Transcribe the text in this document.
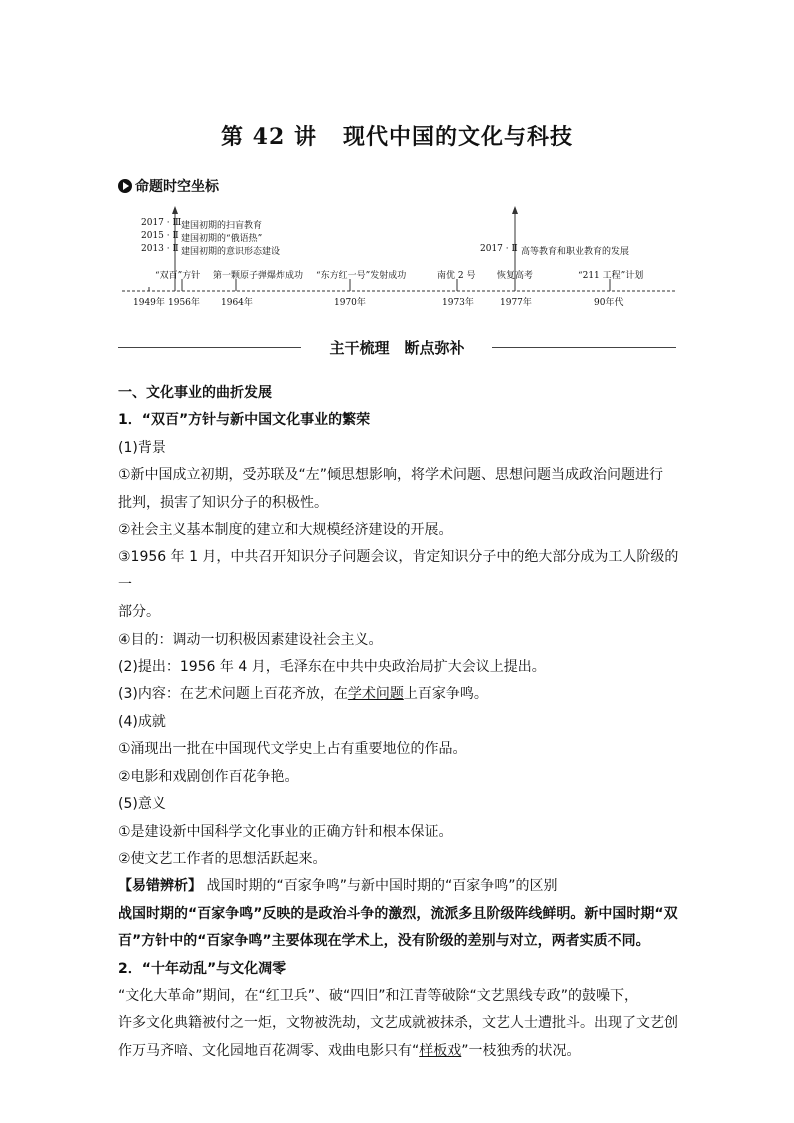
第 42 讲 现代中国的文化与科技
命题时空坐标
2017 · Ⅲ
2015 · Ⅱ
2013 · Ⅱ
建国初期的扫盲教育
建国初期的“俄语热”
建国初期的意识形态建设	2017 · Ⅱ 高等教育和职业教育的发展
“双百”方针 第一颗原子弹爆炸成功 “东方红一号”发射成功	南优 2 号 恢复高考	“211 工程”计划
1949年 1956年 1964年	1970年	1973年	1977年	90年代
主干梳理　断点弥补

一、文化事业的曲折发展

1．“双百”方针与新中国文化事业的繁荣

(1)背景

①新中国成立初期，受苏联及“左”倾思想影响，将学术问题、思想问题当成政治问题进行

批判，损害了知识分子的积极性。

②社会主义基本制度的建立和大规模经济建设的开展。

③1956 年 1 月，中共召开知识分子问题会议，肯定知识分子中的绝大部分成为工人阶级的一

部分。

④目的：调动一切积极因素建设社会主义。

(2)提出：1956 年 4 月，毛泽东在中共中央政治局扩大会议上提出。

(3)内容：在艺术问题上百花齐放，在学术问题上百家争鸣。

(4)成就

①涌现出一批在中国现代文学史上占有重要地位的作品。

②电影和戏剧创作百花争艳。

(5)意义

①是建设新中国科学文化事业的正确方针和根本保证。

②使文艺工作者的思想活跃起来。

【易错辨析】 战国时期的“百家争鸣”与新中国时期的“百家争鸣”的区别

战国时期的“百家争鸣”反映的是政治斗争的激烈，流派多且阶级阵线鲜明。新中国时期“双

百”方针中的“百家争鸣”主要体现在学术上，没有阶级的差别与对立，两者实质不同。

2．“十年动乱”与文化凋零

“文化大革命”期间，在“红卫兵”、破“四旧”和江青等破除“文艺黑线专政”的鼓噪下，

许多文化典籍被付之一炬，文物被洗劫，文艺成就被抹杀，文艺人士遭批斗。出现了文艺创

作万马齐喑、文化园地百花凋零、戏曲电影只有“样板戏”一枝独秀的状况。
